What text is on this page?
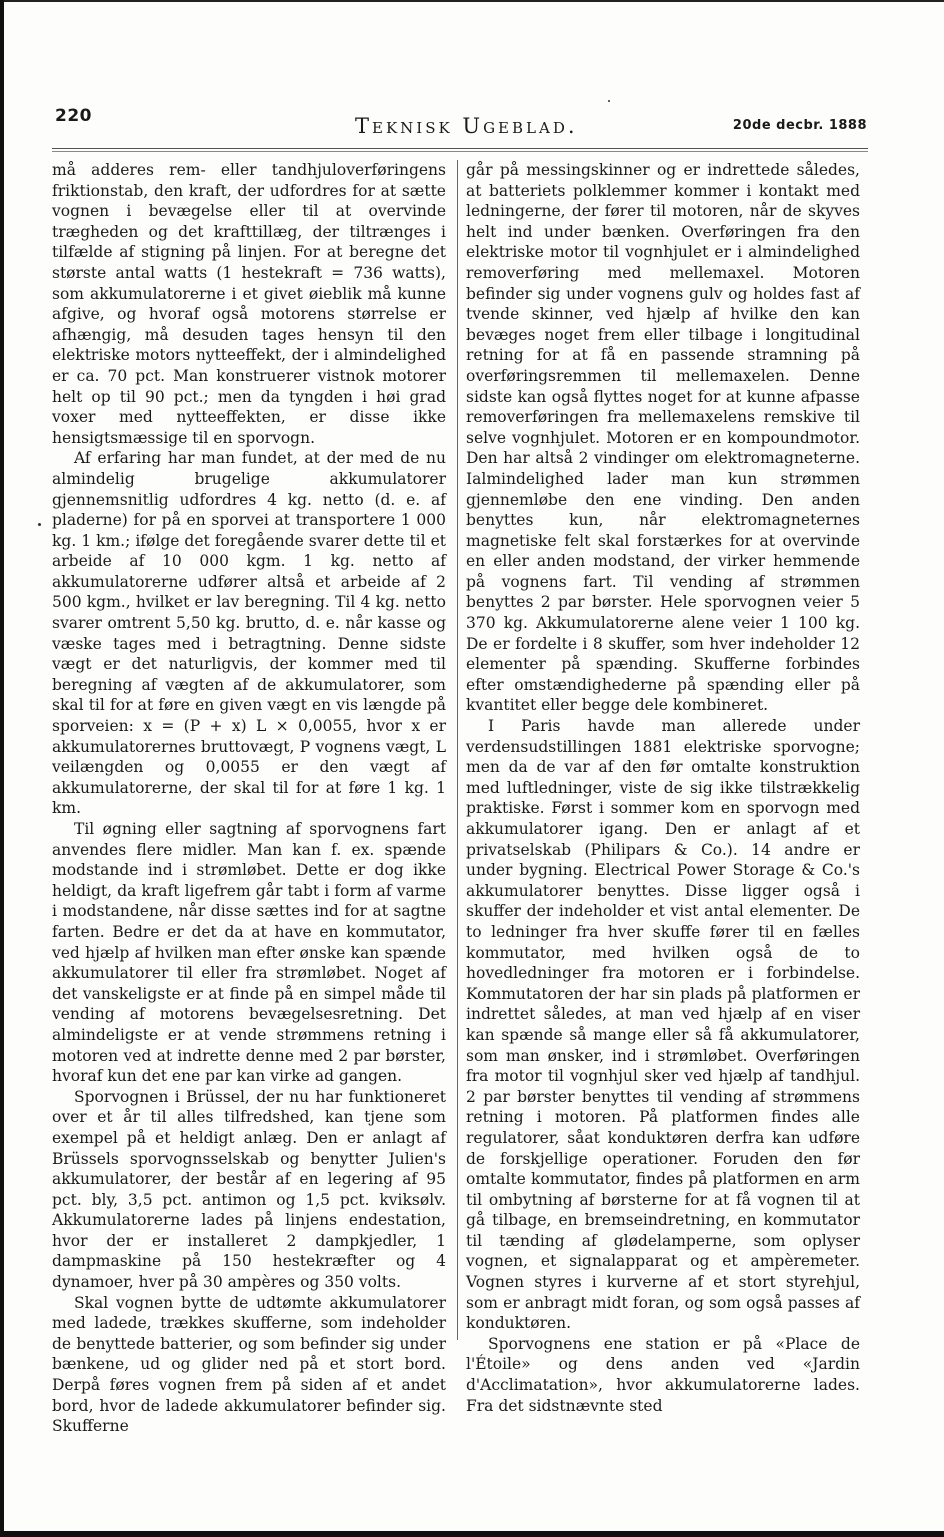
220	Teknisk Ugeblad.	20de decbr. 1888

må adderes rem- eller tandhjuloverføringens friktionstab, den kraft, der udfordres for at sætte vognen i bevægelse eller til at overvinde trægheden og det krafttillæg, der tiltrænges i tilfælde af stigning på linjen. For at beregne det største antal watts (1 hestekraft = 736 watts), som akkumulatorerne i et givet øieblik må kunne afgive, og hvoraf også motorens størrelse er afhængig, må desuden tages hensyn til den elektriske motors nytteeffekt, der i almindelighed er ca. 70 pct. Man konstruerer vistnok motorer helt op til 90 pct.; men da tyngden i høi grad voxer med nytteeffekten, er disse ikke hensigtsmæssige til en sporvogn.

Af erfaring har man fundet, at der med de nu almindelig brugelige akkumulatorer gjennemsnitlig udfordres 4 kg. netto (d. e. af pladerne) for på en sporvei at transportere 1 000 kg. 1 km.; ifølge det foregående svarer dette til et arbeide af 10 000 kgm. 1 kg. netto af akkumulatorerne udfører altså et arbeide af 2 500 kgm., hvilket er lav beregning. Til 4 kg. netto svarer omtrent 5,50 kg. brutto, d. e. når kasse og væske tages med i betragtning. Denne sidste vægt er det naturligvis, der kommer med til beregning af vægten af de akkumulatorer, som skal til for at føre en given vægt en vis længde på sporveien: x = (P + x) L × 0,0055, hvor x er akkumulatorernes bruttovægt, P vognens vægt, L veilængden og 0,0055 er den vægt af akkumulatorerne, der skal til for at føre 1 kg. 1 km.

Til øgning eller sagtning af sporvognens fart anvendes flere midler. Man kan f. ex. spænde modstande ind i strømløbet. Dette er dog ikke heldigt, da kraft ligefrem går tabt i form af varme i modstandene, når disse sættes ind for at sagtne farten. Bedre er det da at have en kommutator, ved hjælp af hvilken man efter ønske kan spænde akkumulatorer til eller fra strømløbet. Noget af det vanskeligste er at finde på en simpel måde til vending af motorens bevægelsesretning. Det almindeligste er at vende strømmens retning i motoren ved at indrette denne med 2 par børster, hvoraf kun det ene par kan virke ad gangen.

Sporvognen i Brüssel, der nu har funktioneret over et år til alles tilfredshed, kan tjene som exempel på et heldigt anlæg. Den er anlagt af Brüssels sporvognsselskab og benytter Julien's akkumulatorer, der består af en legering af 95 pct. bly, 3,5 pct. antimon og 1,5 pct. kviksølv. Akkumulatorerne lades på linjens endestation, hvor der er installeret 2 dampkjedler, 1 dampmaskine på 150 hestekræfter og 4 dynamoer, hver på 30 ampères og 350 volts.

Skal vognen bytte de udtømte akkumulatorer med ladede, trækkes skufferne, som indeholder de benyttede batterier, og som befinder sig under bænkene, ud og glider ned på et stort bord. Derpå føres vognen frem på siden af et andet bord, hvor de ladede akkumulatorer befinder sig. Skufferne

går på messingskinner og er indrettede således, at batteriets polklemmer kommer i kontakt med ledningerne, der fører til motoren, når de skyves helt ind under bænken. Overføringen fra den elektriske motor til vognhjulet er i almindelighed removerføring med mellemaxel. Motoren befinder sig under vognens gulv og holdes fast af tvende skinner, ved hjælp af hvilke den kan bevæges noget frem eller tilbage i longitudinal retning for at få en passende stramning på overføringsremmen til mellemaxelen. Denne sidste kan også flyttes noget for at kunne afpasse removerføringen fra mellemaxelens remskive til selve vognhjulet. Motoren er en kompoundmotor. Den har altså 2 vindinger om elektromagneterne. Ialmindelighed lader man kun strømmen gjennemløbe den ene vinding. Den anden benyttes kun, når elektromagneternes magnetiske felt skal forstærkes for at overvinde en eller anden modstand, der virker hemmende på vognens fart. Til vending af strømmen benyttes 2 par børster. Hele sporvognen veier 5 370 kg. Akkumulatorerne alene veier 1 100 kg. De er fordelte i 8 skuffer, som hver indeholder 12 elementer på spænding. Skufferne forbindes efter omstændighederne på spænding eller på kvantitet eller begge dele kombineret.

I Paris havde man allerede under verdensudstillingen 1881 elektriske sporvogne; men da de var af den før omtalte konstruktion med luftledninger, viste de sig ikke tilstrækkelig praktiske. Først i sommer kom en sporvogn med akkumulatorer igang. Den er anlagt af et privatselskab (Philipars & Co.). 14 andre er under bygning. Electrical Power Storage & Co.'s akkumulatorer benyttes. Disse ligger også i skuffer der indeholder et vist antal elementer. De to ledninger fra hver skuffe fører til en fælles kommutator, med hvilken også de to hovedledninger fra motoren er i forbindelse. Kommutatoren der har sin plads på platformen er indrettet således, at man ved hjælp af en viser kan spænde så mange eller så få akkumulatorer, som man ønsker, ind i strømløbet. Overføringen fra motor til vognhjul sker ved hjælp af tandhjul. 2 par børster benyttes til vending af strømmens retning i motoren. På platformen findes alle regulatorer, såat konduktøren derfra kan udføre de forskjellige operationer. Foruden den før omtalte kommutator, findes på platformen en arm til ombytning af børsterne for at få vognen til at gå tilbage, en bremseindretning, en kommutator til tænding af glødelamperne, som oplyser vognen, et signalapparat og et ampèremeter. Vognen styres i kurverne af et stort styrehjul, som er anbragt midt foran, og som også passes af konduktøren.

Sporvognens ene station er på «Place de l'Étoile» og dens anden ved «Jardin d'Acclimatation», hvor akkumulatorerne lades. Fra det sidstnævnte sted
